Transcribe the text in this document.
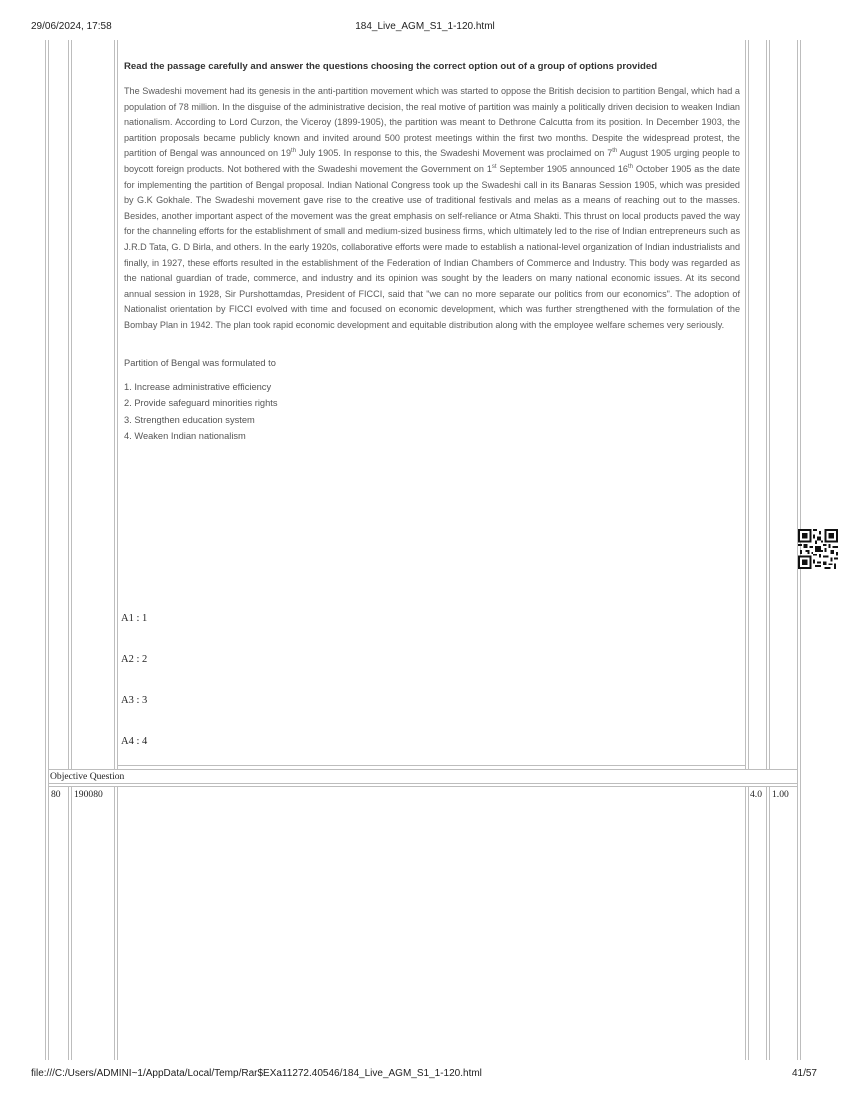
29/06/2024, 17:58	184_Live_AGM_S1_1-120.html

Read the passage carefully and answer the questions choosing the correct option out of a group of options provided

The Swadeshi movement had its genesis in the anti-partition movement which was started to oppose the British decision to partition Bengal, which had a population of 78 million. In the disguise of the administrative decision, the real motive of partition was mainly a politically driven decision to weaken Indian nationalism. According to Lord Curzon, the Viceroy (1899-1905), the partition was meant to Dethrone Calcutta from its position. In December 1903, the partition proposals became publicly known and invited around 500 protest meetings within the first two months. Despite the widespread protest, the partition of Bengal was announced on 19th July 1905. In response to this, the Swadeshi Movement was proclaimed on 7th August 1905 urging people to boycott foreign products. Not bothered with the Swadeshi movement the Government on 1st September 1905 announced 16th October 1905 as the date for implementing the partition of Bengal proposal. Indian National Congress took up the Swadeshi call in its Banaras Session 1905, which was presided by G.K Gokhale. The Swadeshi movement gave rise to the creative use of traditional festivals and melas as a means of reaching out to the masses. Besides, another important aspect of the movement was the great emphasis on self-reliance or Atma Shakti. This thrust on local products paved the way for the channeling efforts for the establishment of small and medium-sized business firms, which ultimately led to the rise of Indian entrepreneurs such as J.R.D Tata, G. D Birla, and others. In the early 1920s, collaborative efforts were made to establish a national-level organization of Indian industrialists and finally, in 1927, these efforts resulted in the establishment of the Federation of Indian Chambers of Commerce and Industry. This body was regarded as the national guardian of trade, commerce, and industry and its opinion was sought by the leaders on many national economic issues. At its second annual session in 1928, Sir Purshottamdas, President of FICCI, said that "we can no more separate our politics from our economics". The adoption of Nationalist orientation by FICCI evolved with time and focused on economic development, which was further strengthened with the formulation of the Bombay Plan in 1942. The plan took rapid economic development and equitable distribution along with the employee welfare schemes very seriously.

Partition of Bengal was formulated to

1. Increase administrative efficiency
2. Provide safeguard minorities rights
3. Strengthen education system
4. Weaken Indian nationalism
A1 : 1
A2 : 2
A3 : 3
A4 : 4
Objective Question
80 190080	4.0 1.00
file:///C:/Users/ADMINI~1/AppData/Local/Temp/Rar$EXa11272.40546/184_Live_AGM_S1_1-120.html	41/57
